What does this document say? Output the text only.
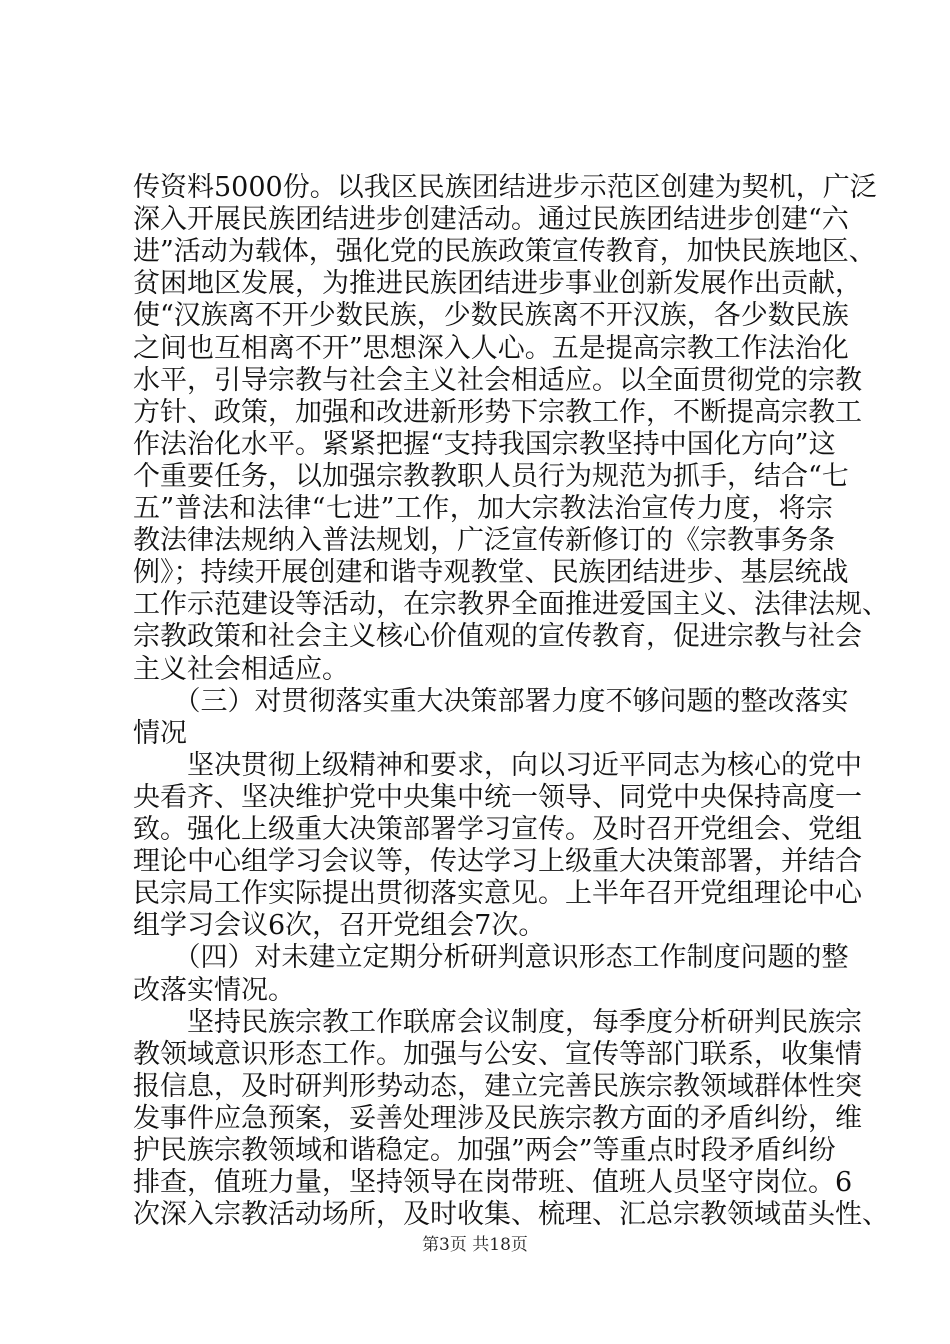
传资料5000份。以我区民族团结进步示范区创建为契机，广泛
深入开展民族团结进步创建活动。通过民族团结进步创建“六
进”活动为载体，强化党的民族政策宣传教育，加快民族地区、
贫困地区发展，为推进民族团结进步事业创新发展作出贡献，
使“汉族离不开少数民族，少数民族离不开汉族，各少数民族
之间也互相离不开”思想深入人心。五是提高宗教工作法治化
水平，引导宗教与社会主义社会相适应。以全面贯彻党的宗教
方针、政策，加强和改进新形势下宗教工作，不断提高宗教工
作法治化水平。紧紧把握“支持我国宗教坚持中国化方向”这
个重要任务，以加强宗教教职人员行为规范为抓手，结合“七
五”普法和法律“七进”工作，加大宗教法治宣传力度，将宗
教法律法规纳入普法规划，广泛宣传新修订的《宗教事务条
例》；持续开展创建和谐寺观教堂、民族团结进步、基层统战
工作示范建设等活动，在宗教界全面推进爱国主义、法律法规、
宗教政策和社会主义核心价值观的宣传教育，促进宗教与社会
主义社会相适应。
　　（三）对贯彻落实重大决策部署力度不够问题的整改落实
情况
　　坚决贯彻上级精神和要求，向以习近平同志为核心的党中
央看齐、坚决维护党中央集中统一领导、同党中央保持高度一
致。强化上级重大决策部署学习宣传。及时召开党组会、党组
理论中心组学习会议等，传达学习上级重大决策部署，并结合
民宗局工作实际提出贯彻落实意见。上半年召开党组理论中心
组学习会议6次，召开党组会7次。
　　（四）对未建立定期分析研判意识形态工作制度问题的整
改落实情况。
　　坚持民族宗教工作联席会议制度，每季度分析研判民族宗
教领域意识形态工作。加强与公安、宣传等部门联系，收集情
报信息，及时研判形势动态，建立完善民族宗教领域群体性突
发事件应急预案，妥善处理涉及民族宗教方面的矛盾纠纷，维
护民族宗教领域和谐稳定。加强”两会”等重点时段矛盾纠纷
排查，值班力量，坚持领导在岗带班、值班人员坚守岗位。6
次深入宗教活动场所，及时收集、梳理、汇总宗教领域苗头性、
第3页 共18页
